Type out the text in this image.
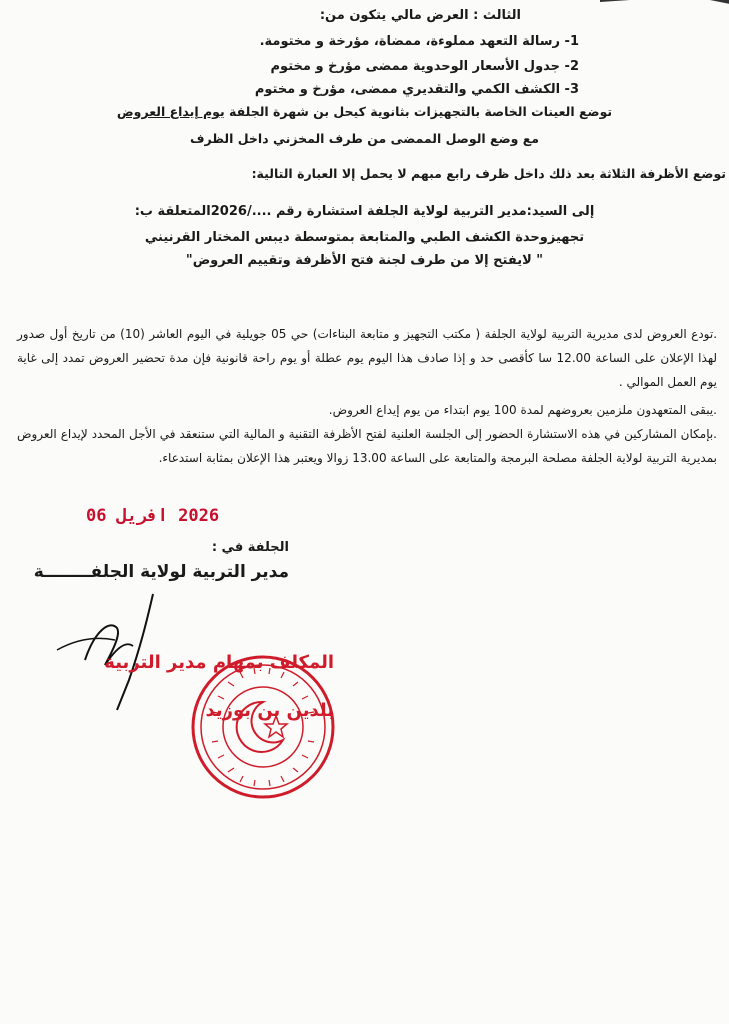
الثالث : العرض مالي يتكون من:
1- رسالة التعهد مملوءة، ممضاة، مؤرخة و مختومة.
2- جدول الأسعار الوحدوية ممضى مؤرخ و مختوم
3- الكشف الكمي والتقديري ممضى، مؤرخ و مختوم
توضع العينات الخاصة بالتجهيزات بثانوية كيحل بن شهرة الجلفة يوم إيداع العروض
مع وضع الوصل الممضى من طرف المخزني داخل الظرف
توضع الأظرفة الثلاثة بعد ذلك داخل ظرف رابع مبهم لا يحمل إلا العبارة التالية:
إلى السيد:مدير التربية لولاية الجلفة استشارة رقم ..../2026المتعلقة ب:
تجهيزوحدة الكشف الطبي والمتابعة بمتوسطة ديبس المختار القرنيني
" لايفتح إلا من طرف لجنة فتح الأظرفة وتقييم العروض"
.تودع العروض لدى مديرية التربية لولاية الجلفة ( مكتب التجهيز و متابعة البناءات) حي 05 جويلية في اليوم العاشر (10) من تاريخ أول صدور لهذا الإعلان على الساعة 12.00 سا كأقصى حد و إذا صادف هذا اليوم يوم عطلة أو يوم راحة قانونية فإن مدة تحضير العروض تمدد إلى غاية يوم العمل الموالي .
.يبقى المتعهدون ملزمين بعروضهم لمدة 100 يوم ابتداء من يوم إيداع العروض.
.بإمكان المشاركين في هذه الاستشارة الحضور إلى الجلسة العلنية لفتح الأظرفة التقنية و المالية التي ستنعقد في الأجل المحدد لإيداع العروض بمديرية التربية لولاية الجلفة مصلحة البرمجة والمتابعة على الساعة 13.00 زوالا ويعتبر هذا الإعلان بمثابة استدعاء.
2026 افريل 06
الجلفة في :
مدير التربية لولاية الجلفــــــــة
المكلف بمهام مدير التربية
بلدين بن بوزيد
